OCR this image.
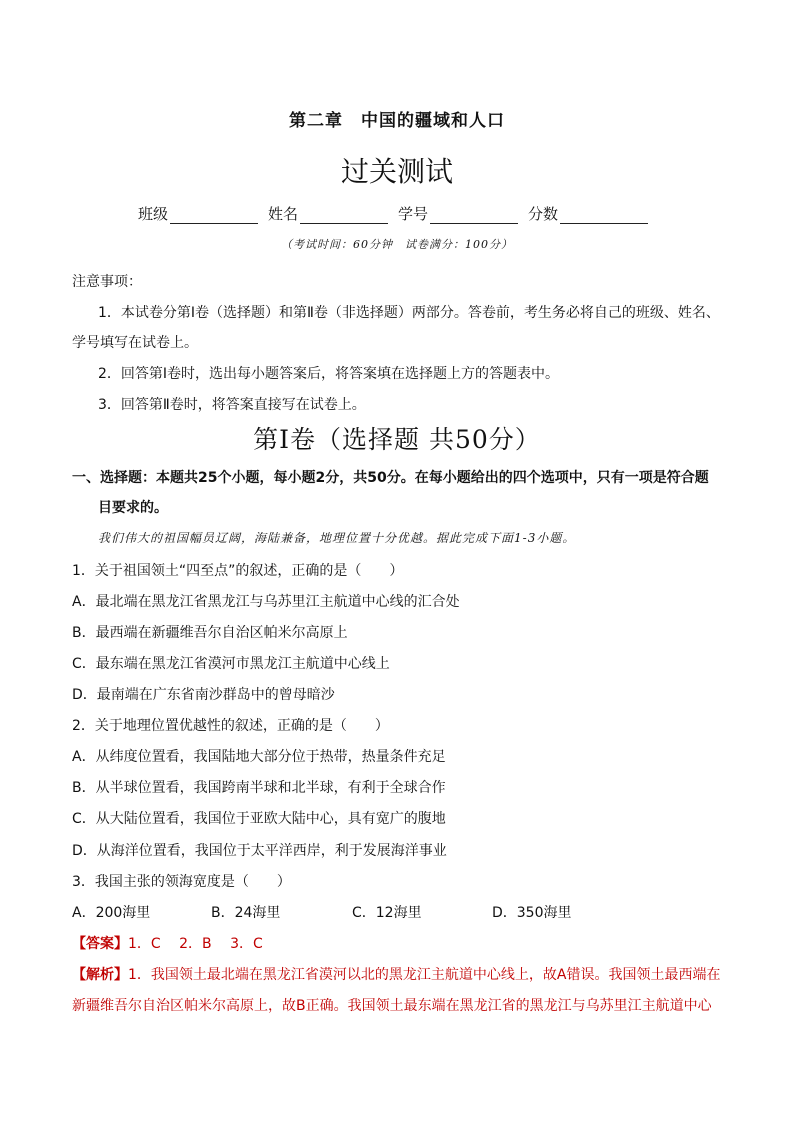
第二章　中国的疆域和人口
过关测试
班级	姓名	学号	分数
（考试时间：60分钟　试卷满分：100分）
注意事项：
1．本试卷分第Ⅰ卷（选择题）和第Ⅱ卷（非选择题）两部分。答卷前，考生务必将自己的班级、姓名、
学号填写在试卷上。
2．回答第Ⅰ卷时，选出每小题答案后，将答案填在选择题上方的答题表中。
3．回答第Ⅱ卷时，将答案直接写在试卷上。
第Ⅰ卷（选择题 共50分）
一、选择题：本题共25个小题，每小题2分，共50分。在每小题给出的四个选项中，只有一项是符合题
目要求的。
我们伟大的祖国幅员辽阔，海陆兼备，地理位置十分优越。据此完成下面1-3小题。
1．关于祖国领土“四至点”的叙述，正确的是（　　）
A．最北端在黑龙江省黑龙江与乌苏里江主航道中心线的汇合处
B．最西端在新疆维吾尔自治区帕米尔高原上
C．最东端在黑龙江省漠河市黑龙江主航道中心线上
D．最南端在广东省南沙群岛中的曾母暗沙
2．关于地理位置优越性的叙述，正确的是（　　）
A．从纬度位置看，我国陆地大部分位于热带，热量条件充足
B．从半球位置看，我国跨南半球和北半球，有利于全球合作
C．从大陆位置看，我国位于亚欧大陆中心，具有宽广的腹地
D．从海洋位置看，我国位于太平洋西岸，利于发展海洋事业
3．我国主张的领海宽度是（　　）
A．200海里	B．24海里	C．12海里	D．350海里
【答案】1．C　 2．B　 3．C
【解析】1．我国领土最北端在黑龙江省漠河以北的黑龙江主航道中心线上，故A错误。我国领土最西端在
新疆维吾尔自治区帕米尔高原上，故B正确。我国领土最东端在黑龙江省的黑龙江与乌苏里江主航道中心
